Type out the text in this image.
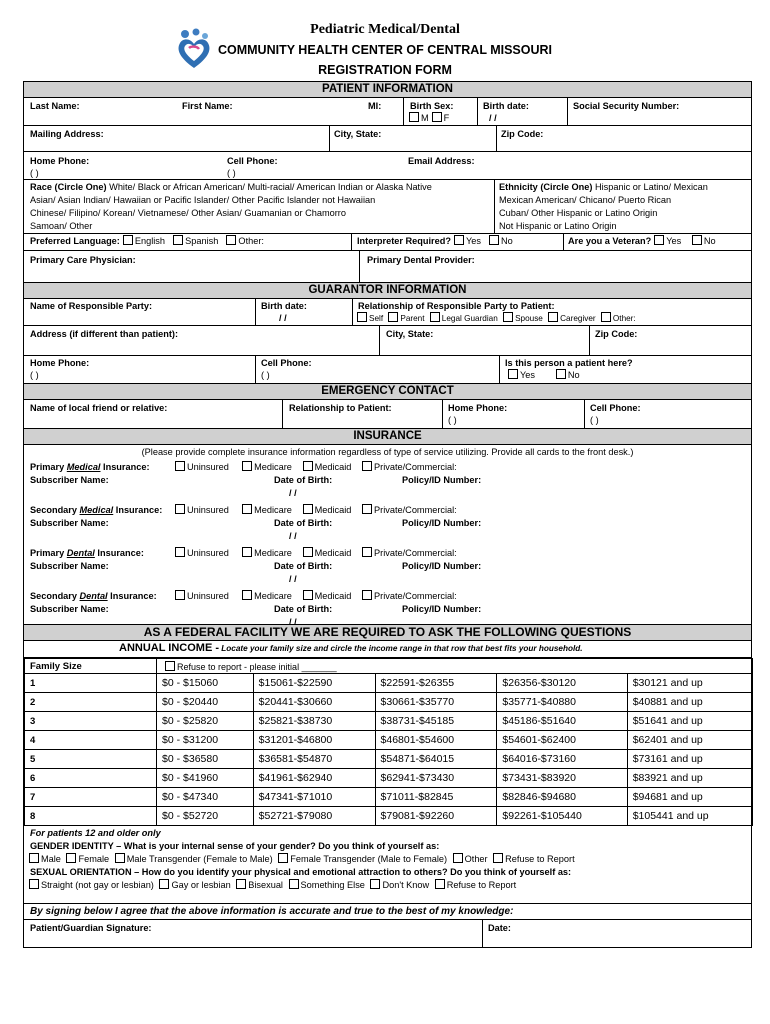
Pediatric Medical/Dental
COMMUNITY HEALTH CENTER OF CENTRAL MISSOURI
REGISTRATION FORM
PATIENT INFORMATION
Last Name:	First Name:	MI:	Birth Sex:
M F
Birth date:
/ /
Social Security Number:
Mailing Address:	City, State:	Zip Code:
Home Phone:
( )
Cell Phone:
( )
Email Address:
Race (Circle One) White/ Black or African American/ Multi-racial/ American Indian or Alaska Native
Asian/ Asian Indian/ Hawaiian or Pacific Islander/ Other Pacific Islander not Hawaiian
Chinese/ Filipino/ Korean/ Vietnamese/ Other Asian/ Guamanian or Chamorro
Samoan/ Other
Ethnicity (Circle One) Hispanic or Latino/ Mexican
Mexican American/ Chicano/ Puerto Rican
Cuban/ Other Hispanic or Latino Origin
Not Hispanic or Latino Origin
Preferred Language: English Spanish Other:	Interpreter Required? Yes No	Are you a Veteran? Yes No
Primary Care Physician:	Primary Dental Provider:
GUARANTOR INFORMATION
Name of Responsible Party:	Birth date:
/ /
Relationship of Responsible Party to Patient:
Self Parent Legal Guardian Spouse Caregiver Other:
Address (if different than patient):	City, State:	Zip Code:
Home Phone:
( )
Cell Phone:
( )
Is this person a patient here?
Yes	No
EMERGENCY CONTACT
Name of local friend or relative:	Relationship to Patient:	Home Phone:
( )
Cell Phone:
( )
INSURANCE
(Please provide complete insurance information regardless of type of service utilizing. Provide all cards to the front desk.)
Primary Medical Insurance:	Uninsured	Medicare Medicaid Private/Commercial:
Subscriber Name:	Date of Birth:	Policy/ID Number:
/ /
Secondary Medical Insurance:	Uninsured	Medicare Medicaid Private/Commercial:
Subscriber Name:	Date of Birth:	Policy/ID Number:
/ /
Primary Dental Insurance:	Uninsured	Medicare Medicaid Private/Commercial:
Subscriber Name:	Date of Birth:	Policy/ID Number:
/ /
Secondary Dental Insurance:	Uninsured	Medicare Medicaid Private/Commercial:
Subscriber Name:	Date of Birth:	Policy/ID Number:
/ /
AS A FEDERAL FACILITY WE ARE REQUIRED TO ASK THE FOLLOWING QUESTIONS
ANNUAL INCOME - Locate your family size and circle the income range in that row that best fits your household.
Family Size	Refuse to report - please initial _______				
1	$0 - $15060	$15061-$22590	$22591-$26355	$26356-$30120	$30121 and up
2	$0 - $20440	$20441-$30660	$30661-$35770	$35771-$40880	$40881 and up
3	$0 - $25820	$25821-$38730	$38731-$45185	$45186-$51640	$51641 and up
4	$0 - $31200	$31201-$46800	$46801-$54600	$54601-$62400	$62401 and up
5	$0 - $36580	$36581-$54870	$54871-$64015	$64016-$73160	$73161 and up
6	$0 - $41960	$41961-$62940	$62941-$73430	$73431-$83920	$83921 and up
7	$0 - $47340	$47341-$71010	$71011-$82845	$82846-$94680	$94681 and up
8	$0 - $52720	$52721-$79080	$79081-$92260	$92261-$105440	$105441 and up
For patients 12 and older only
GENDER IDENTITY – What is your internal sense of your gender? Do you think of yourself as:
Male Female Male Transgender (Female to Male) Female Transgender (Male to Female) Other Refuse to Report
SEXUAL ORIENTATION – How do you identify your physical and emotional attraction to others? Do you think of yourself as:
Straight (not gay or lesbian) Gay or lesbian Bisexual Something Else Don't Know Refuse to Report
By signing below I agree that the above information is accurate and true to the best of my knowledge:
Patient/Guardian Signature:	Date:
